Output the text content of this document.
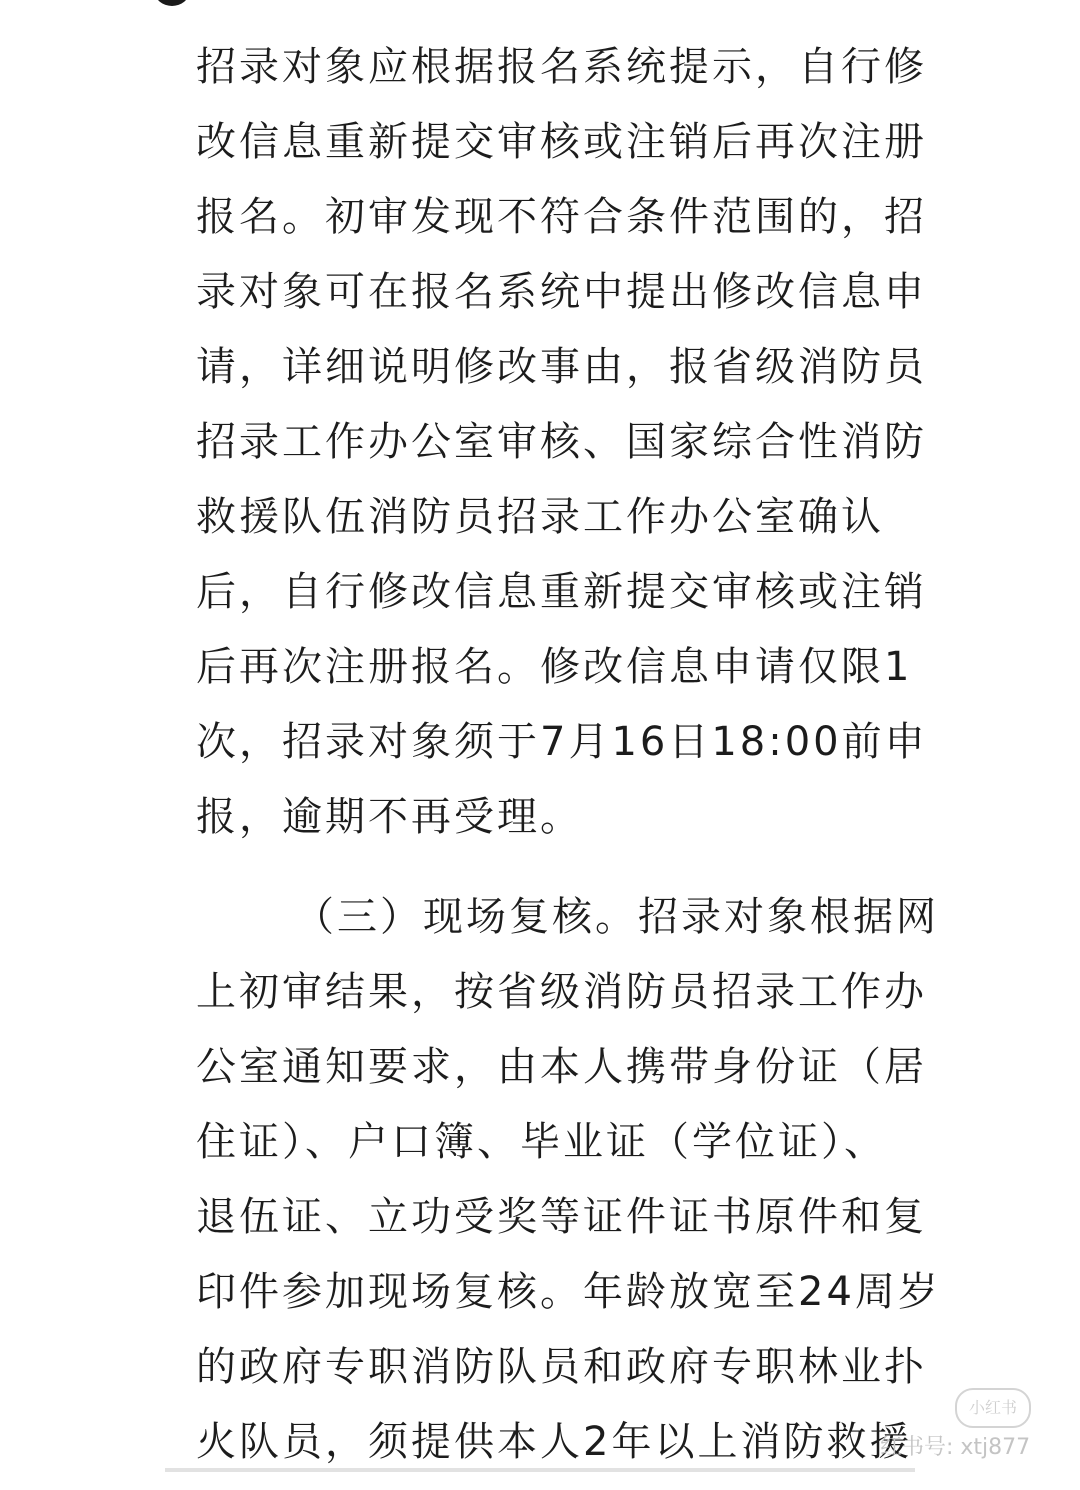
招录对象应根据报名系统提示，自行修
改信息重新提交审核或注销后再次注册
报名。初审发现不符合条件范围的，招
录对象可在报名系统中提出修改信息申
请，详细说明修改事由，报省级消防员
招录工作办公室审核、国家综合性消防
救援队伍消防员招录工作办公室确认
后，自行修改信息重新提交审核或注销
后再次注册报名。修改信息申请仅限1
次，招录对象须于7月16日18:00前申
报，逾期不再受理。
（三）现场复核。招录对象根据网
上初审结果，按省级消防员招录工作办
公室通知要求，由本人携带身份证（居
住证）、户口簿、毕业证（学位证）、
退伍证、立功受奖等证件证书原件和复
印件参加现场复核。年龄放宽至24周岁
的政府专职消防队员和政府专职林业扑
火队员，须提供本人2年以上消防救援
小红书
红书号: xtj877
